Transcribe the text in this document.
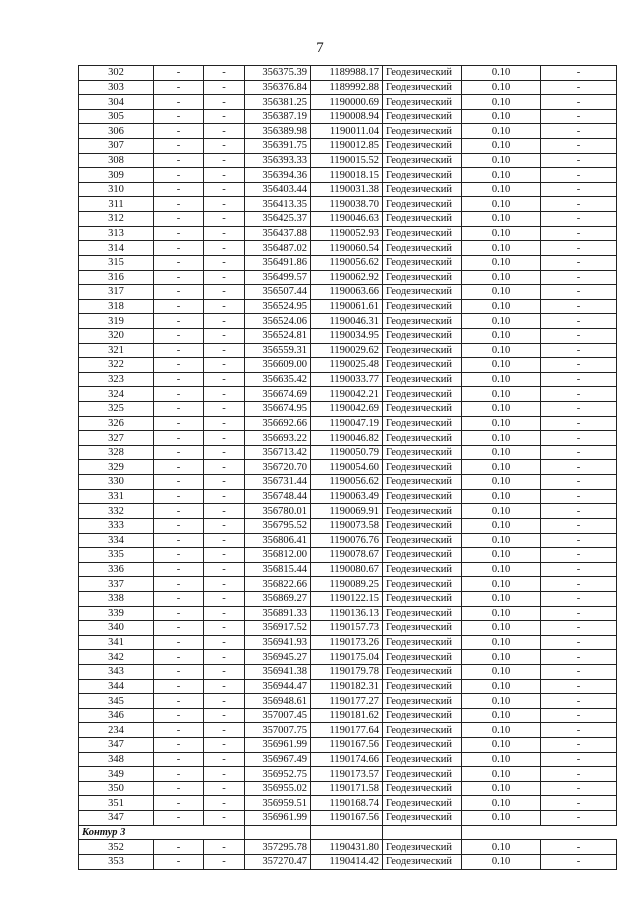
7
302	-	-	356375.39	1189988.17	Геодезический	0.10	-
303	-	-	356376.84	1189992.88	Геодезический	0.10	-
304	-	-	356381.25	1190000.69	Геодезический	0.10	-
305	-	-	356387.19	1190008.94	Геодезический	0.10	-
306	-	-	356389.98	1190011.04	Геодезический	0.10	-
307	-	-	356391.75	1190012.85	Геодезический	0.10	-
308	-	-	356393.33	1190015.52	Геодезический	0.10	-
309	-	-	356394.36	1190018.15	Геодезический	0.10	-
310	-	-	356403.44	1190031.38	Геодезический	0.10	-
311	-	-	356413.35	1190038.70	Геодезический	0.10	-
312	-	-	356425.37	1190046.63	Геодезический	0.10	-
313	-	-	356437.88	1190052.93	Геодезический	0.10	-
314	-	-	356487.02	1190060.54	Геодезический	0.10	-
315	-	-	356491.86	1190056.62	Геодезический	0.10	-
316	-	-	356499.57	1190062.92	Геодезический	0.10	-
317	-	-	356507.44	1190063.66	Геодезический	0.10	-
318	-	-	356524.95	1190061.61	Геодезический	0.10	-
319	-	-	356524.06	1190046.31	Геодезический	0.10	-
320	-	-	356524.81	1190034.95	Геодезический	0.10	-
321	-	-	356559.31	1190029.62	Геодезический	0.10	-
322	-	-	356609.00	1190025.48	Геодезический	0.10	-
323	-	-	356635.42	1190033.77	Геодезический	0.10	-
324	-	-	356674.69	1190042.21	Геодезический	0.10	-
325	-	-	356674.95	1190042.69	Геодезический	0.10	-
326	-	-	356692.66	1190047.19	Геодезический	0.10	-
327	-	-	356693.22	1190046.82	Геодезический	0.10	-
328	-	-	356713.42	1190050.79	Геодезический	0.10	-
329	-	-	356720.70	1190054.60	Геодезический	0.10	-
330	-	-	356731.44	1190056.62	Геодезический	0.10	-
331	-	-	356748.44	1190063.49	Геодезический	0.10	-
332	-	-	356780.01	1190069.91	Геодезический	0.10	-
333	-	-	356795.52	1190073.58	Геодезический	0.10	-
334	-	-	356806.41	1190076.76	Геодезический	0.10	-
335	-	-	356812.00	1190078.67	Геодезический	0.10	-
336	-	-	356815.44	1190080.67	Геодезический	0.10	-
337	-	-	356822.66	1190089.25	Геодезический	0.10	-
338	-	-	356869.27	1190122.15	Геодезический	0.10	-
339	-	-	356891.33	1190136.13	Геодезический	0.10	-
340	-	-	356917.52	1190157.73	Геодезический	0.10	-
341	-	-	356941.93	1190173.26	Геодезический	0.10	-
342	-	-	356945.27	1190175.04	Геодезический	0.10	-
343	-	-	356941.38	1190179.78	Геодезический	0.10	-
344	-	-	356944.47	1190182.31	Геодезический	0.10	-
345	-	-	356948.61	1190177.27	Геодезический	0.10	-
346	-	-	357007.45	1190181.62	Геодезический	0.10	-
234	-	-	357007.75	1190177.64	Геодезический	0.10	-
347	-	-	356961.99	1190167.56	Геодезический	0.10	-
348	-	-	356967.49	1190174.66	Геодезический	0.10	-
349	-	-	356952.75	1190173.57	Геодезический	0.10	-
350	-	-	356955.02	1190171.58	Геодезический	0.10	-
351	-	-	356959.51	1190168.74	Геодезический	0.10	-
347	-	-	356961.99	1190167.56	Геодезический	0.10	-
Контур 3							
352	-	-	357295.78	1190431.80	Геодезический	0.10	-
353	-	-	357270.47	1190414.42	Геодезический	0.10	-
